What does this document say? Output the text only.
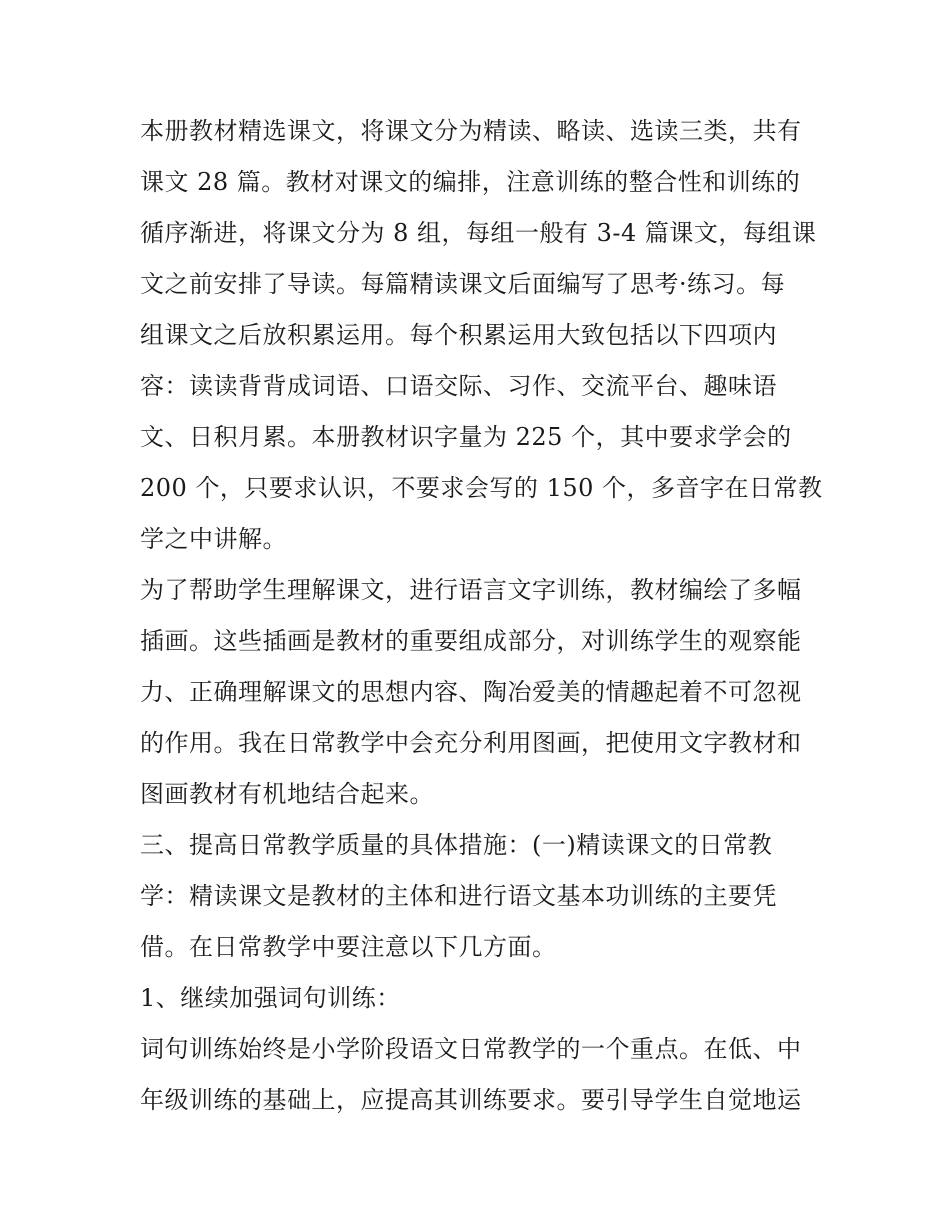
本册教材精选课文，将课文分为精读、略读、选读三类，共有
课文 28 篇。教材对课文的编排，注意训练的整合性和训练的
循序渐进，将课文分为 8 组，每组一般有 3-4 篇课文，每组课
文之前安排了导读。每篇精读课文后面编写了思考·练习。每
组课文之后放积累运用。每个积累运用大致包括以下四项内
容：读读背背成词语、口语交际、习作、交流平台、趣味语
文、日积月累。本册教材识字量为 225 个，其中要求学会的
200 个，只要求认识，不要求会写的 150 个，多音字在日常教
学之中讲解。
为了帮助学生理解课文，进行语言文字训练，教材编绘了多幅
插画。这些插画是教材的重要组成部分，对训练学生的观察能
力、正确理解课文的思想内容、陶冶爱美的情趣起着不可忽视
的作用。我在日常教学中会充分利用图画，把使用文字教材和
图画教材有机地结合起来。
三、提高日常教学质量的具体措施：(一)精读课文的日常教
学：精读课文是教材的主体和进行语文基本功训练的主要凭
借。在日常教学中要注意以下几方面。
1、继续加强词句训练：
词句训练始终是小学阶段语文日常教学的一个重点。在低、中
年级训练的基础上，应提高其训练要求。要引导学生自觉地运
